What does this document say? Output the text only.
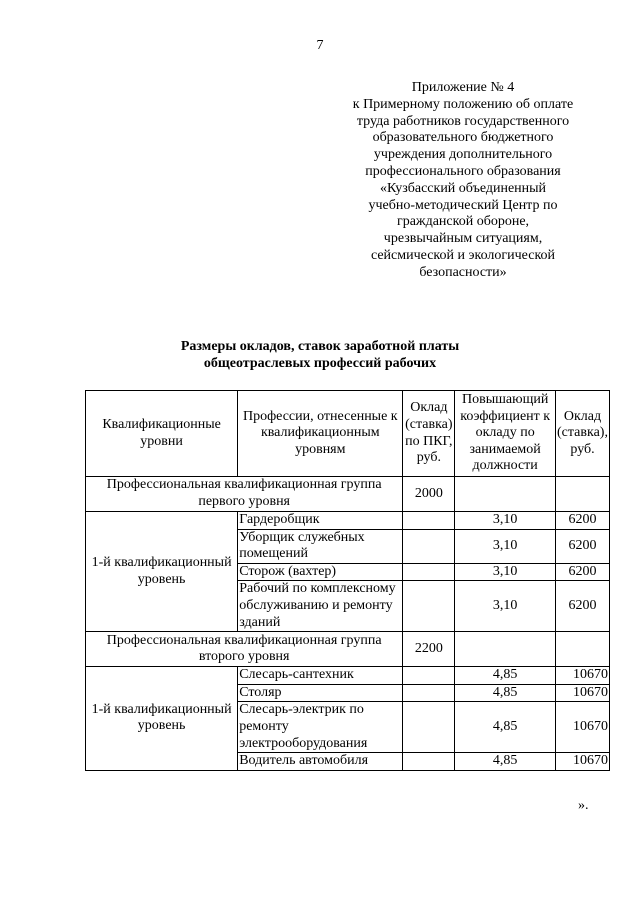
7
Приложение № 4
к Примерному положению об оплате
труда работников государственного
образовательного бюджетного
учреждения дополнительного
профессионального образования
«Кузбасский объединенный
учебно-методический Центр по
гражданской обороне,
чрезвычайным ситуациям,
сейсмической и экологической
безопасности»
Размеры окладов, ставок заработной платы
общеотраслевых профессий рабочих
Квалификационные уровни	Профессии, отнесенные к квалификационным уровням	Оклад (ставка) по ПКГ, руб.	Повышающий коэффициент к окладу по занимаемой должности	Оклад (ставка), руб.
Профессиональная квалификационная группа первого уровня		2000		
1-й квалификационный уровень	Гардеробщик		3,10	6200
	Уборщик служебных помещений		3,10	6200
	Сторож (вахтер)		3,10	6200
	Рабочий по комплексному обслуживанию и ремонту зданий		3,10	6200
Профессиональная квалификационная группа второго уровня		2200		
1-й квалификационный уровень	Слесарь-сантехник		4,85	10670
	Столяр		4,85	10670
	Слесарь-электрик по ремонту электрооборудования		4,85	10670
	Водитель автомобиля		4,85	10670
».
